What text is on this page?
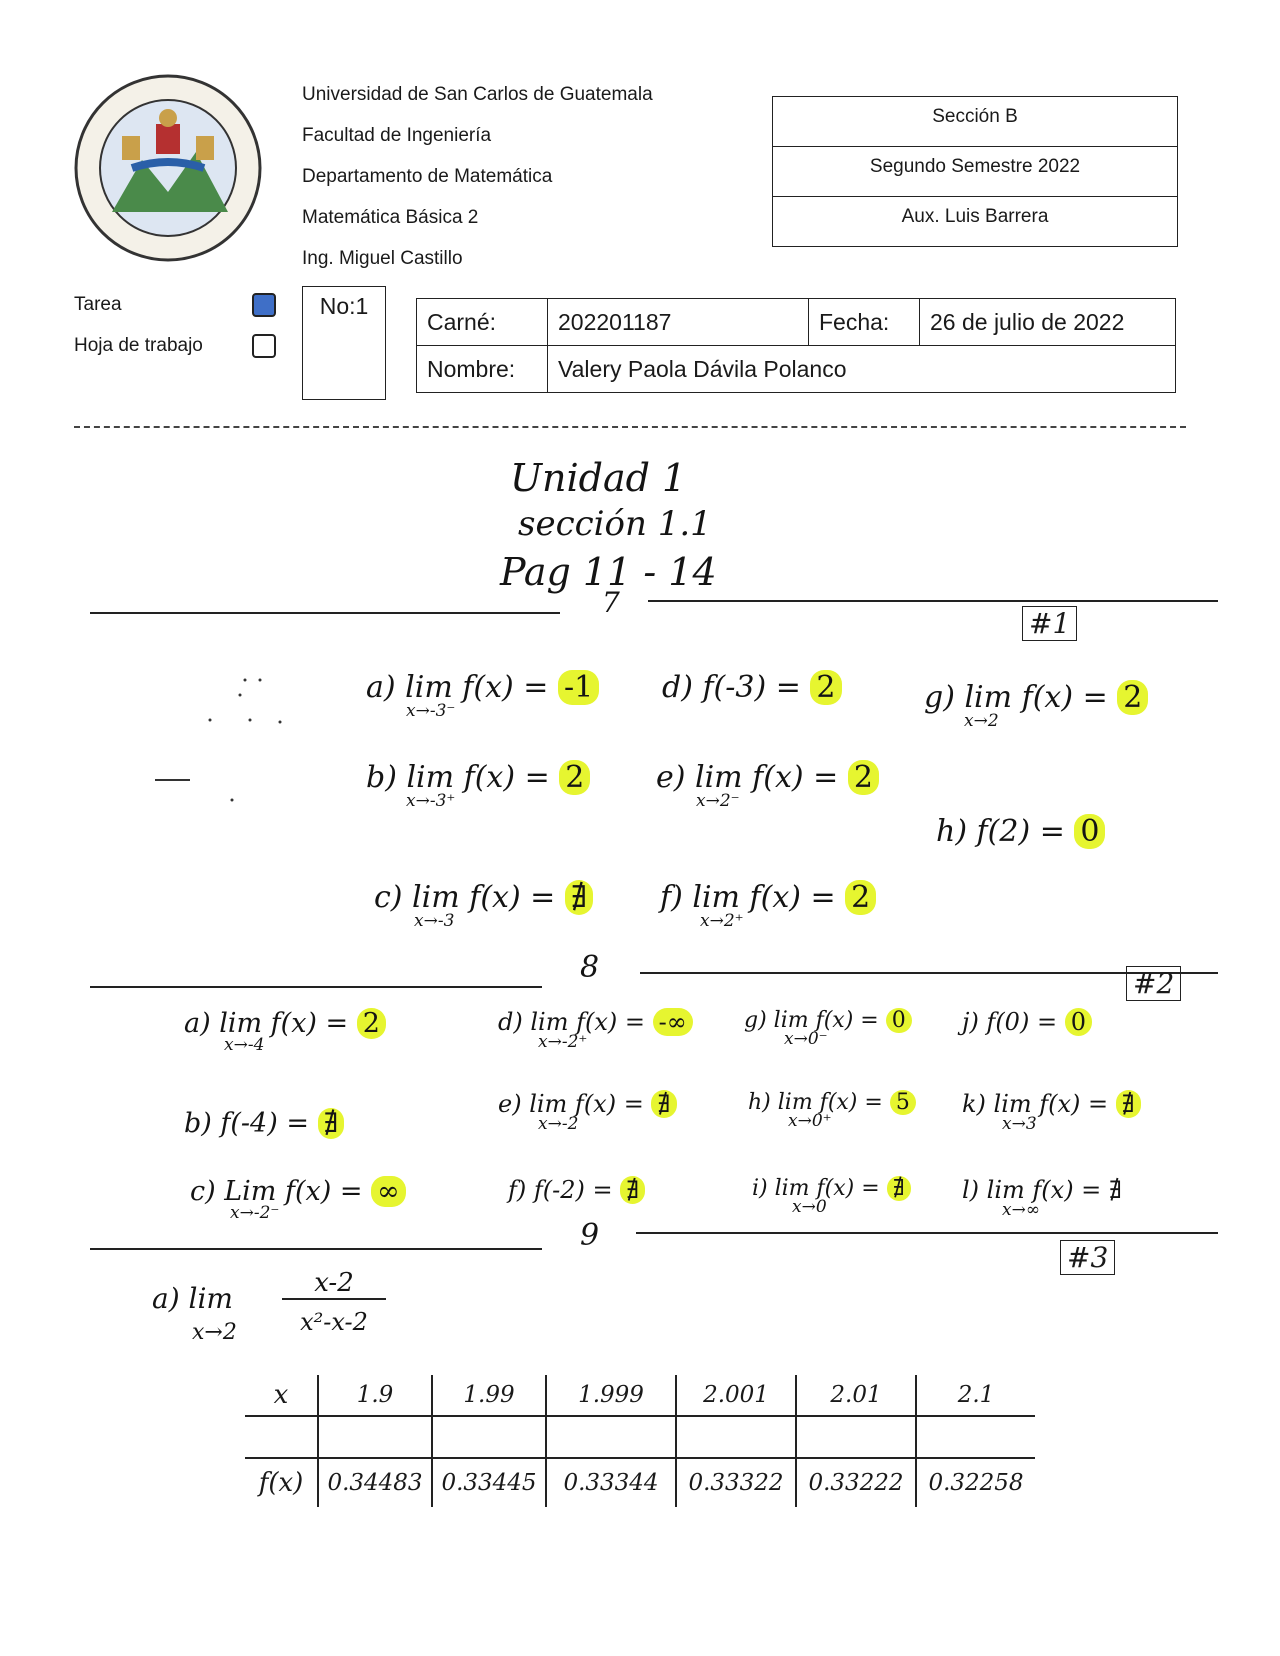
Universidad de San Carlos de Guatemala
Facultad de Ingeniería
Departamento de Matemática
Matemática Básica 2
Ing. Miguel Castillo
Sección B
Segundo Semestre 2022
Aux. Luis Barrera
Tarea
Hoja de trabajo
No:1
Carné:	202201187	Fecha:	26 de julio de 2022
Nombre:	Valery Paola Dávila Polanco		
Unidad 1
sección 1.1
Pag 11 - 14
7
#1
a) lim f(x) = -1
x→-3⁻
b) lim f(x) = 2
x→-3⁺
c) lim f(x) = ∄
x→-3
d) f(-3) = 2
e) lim f(x) = 2
x→2⁻
f) lim f(x) = 2
x→2⁺
g) lim f(x) = 2
x→2
h) f(2) = 0
8	#2
a) lim f(x) = 2
x→-4
b) f(-4) = ∄
c) Lim f(x) = ∞
x→-2⁻
d) lim f(x) = -∞
x→-2⁺
e) lim f(x) = ∄
x→-2
f) f(-2) = ∄
g) lim f(x) = 0
x→0⁻
h) lim f(x) = 5
x→0⁺
i) lim f(x) = ∄
x→0
j) f(0) = 0
k) lim f(x) = ∄
x→3
l) lim f(x) = ∄
x→∞
9
#3
a) lim
x→2
x-2
x²-x-2
x	1.9	1.99	1.999	2.001	2.01	2.1

f(x)	0.34483	0.33445	0.33344	0.33322	0.33222	0.32258
